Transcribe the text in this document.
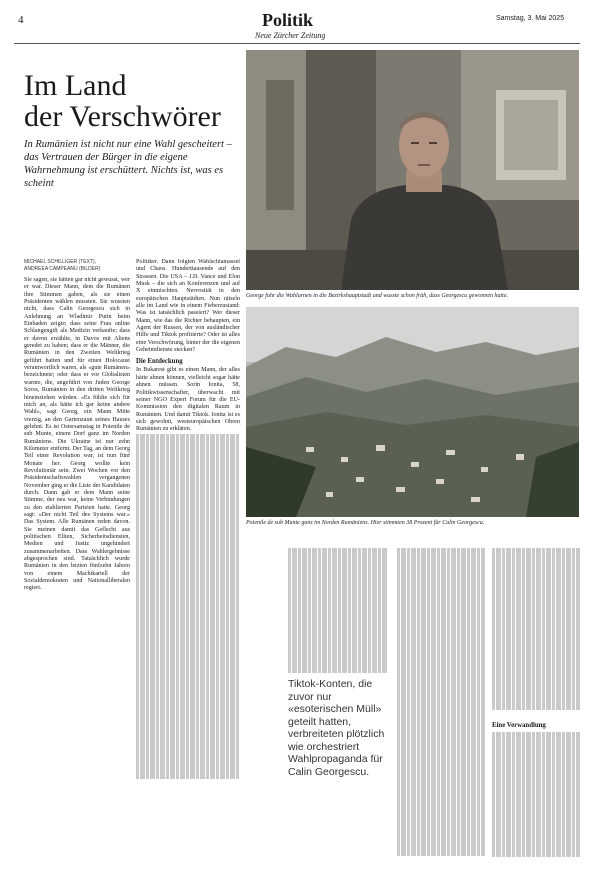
4	Politik
Neue Zürcher Zeitung
Samstag, 3. Mai 2025
Im Land
der Verschwörer
In Rumänien ist nicht nur eine Wahl gescheitert – das Vertrauen der Bürger in die eigene Wahrnehmung ist erschüttert. Nichts ist, was es scheint
MICHAEL SCHILLIGER (TEXT),
ANDREEA CAMPEANU (BILDER)
Sie sagen, sie hätten gar nicht gewusst, wer er war. Dieser Mann, dem die Rumänen ihre Stimmen gaben, als sie einen Präsidenten wählen mussten. Sie wussten nicht, dass Calin Georgescu sich in Anlehnung an Wladimir Putin beim Einbaden zeigte; dass seine Frau online Schlangengift als Medizin verkaufte; dass er davon erzählte, in Davos mit Aliens geredet zu haben; dass er die Männer, die Rumänien in den Zweiten Weltkrieg geführt hatten und für einen Holocaust verantwortlich waren, als «gute Rumänen» bezeichnete; oder dass er vor Globalisten warnte, die, angeführt von Juden George Soros, Rumänien in den dritten Weltkrieg hineinziehen würden. «Es fühlte sich für mich an, als hätte ich gar keine andere Wahl», sagt Georg, ein Mann Mitte vierzig, an den Gartenzaun seines Hauses gelehnt. Es ist Ostersamstag in Poienile de sub Munte, einem Dorf ganz im Norden Rumäniens. Die Ukraine ist nur zehn Kilometer entfernt. Der Tag, an dem Georg Teil einer Revolution war, ist nun fünf Monate her. Georg wollte kein Revolutionär sein. Zwei Wochen vor den Präsidentschaftswahlen vergangenen November ging er die Liste der Kandidaten durch. Dann gab er dem Mann seine Stimme, der neu war, keine Verbindungen zu den etablierten Parteien hatte. Georg sagt: «Der nicht Teil des Systems war.» Das System. Alle Rumänen reden davon. Sie meinen damit das Geflecht aus politischen Eliten, Sicherheitsdiensten, Medien und Justiz ungehindert zusammenarbeiten. Dass Wahlergebnisse abgesprochen sind. Tatsächlich wurde Rumänien in den letzten fünfzehn Jahren von einem Machtkartell der Sozialdemokraten und Nationalliberalen regiert.
Politiker. Dann folgten Wahlschlamassel und Chaos. Hunderttausende auf den Strassen. Die USA – J.D. Vance und Elon Musk – die sich an Konferenzen und auf X einmischten. Nervosität in den europäischen Hauptstädten. Nun rätseln alle im Land wie in einem Fieberzustand: Was ist tatsächlich passiert? Wer dieser Mann, wie das die Richter behaupten, ein Agent der Russen, der von ausländischer Hilfe und Tiktok profitierte? Oder ist alles eine Verschwörung, hinter der die eigenen Geheimdienste stecken?
Die Entdeckung
In Bukarest gibt es einen Mann, der alles hätte ahnen können, vielleicht sogar hätte ahnen müssen. Sorin Ionita, 58, Politikwissenschafter, überwacht mit seiner NGO Expert Forum für die EU-Kommission den digitalen Raum in Rumänien. Und damit Tiktok. Ionita ist es sich gewohnt, westeuropäischen Ohren Rumänien zu erklären.
George fuhr die Wahlurnen in die Bezirkshauptstadt und wusste schon früh, dass Georgescu gewonnen hatte.
Poienile de sub Munte ganz im Norden Rumäniens. Hier stimmten 38 Prozent für Calin Georgescu.
Tiktok-Konten, die zuvor nur «esoterischen Müll» geteilt hatten, verbreiteten plötzlich wie orchestriert Wahlpropaganda für Calin Georgescu.
Eine Verwandlung
